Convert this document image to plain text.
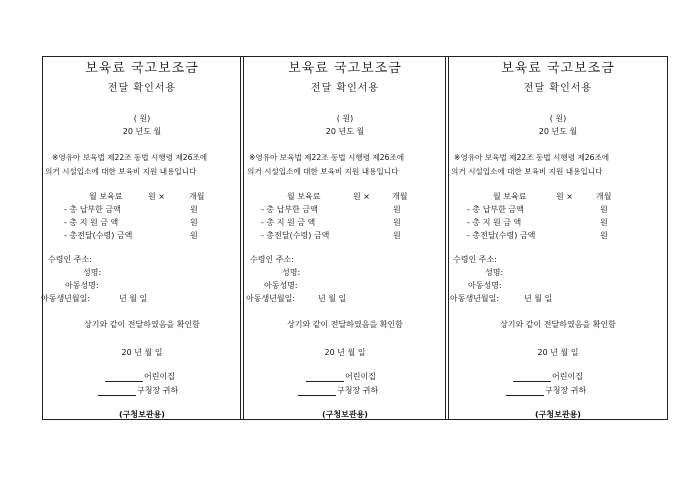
보육료 국고보조금
전달 확인서용
( 원)
20 년도 월
※영유아 보육법 제22조 동법 시행령 제26조에
의거 시설입소에 대한 보육비 지원 내용입니다
월 보육료	원 ×	개월
- 총 납부한 금액	원
- 총 지 원 금 액	원
- 총전달(수령) 금액	원
수령인 주소:
성명:
아동성명:
아동생년월일:	년 월 일
상기와 같이 전달하였음을 확인함
20 년 월 일
어린이집
구청장 귀하
(구청보관용)
보육료 국고보조금
전달 확인서용
( 원)
20 년도 월
※영유아 보육법 제22조 동법 시행령 제26조에
의거 시설입소에 대한 보육비 지원 내용입니다
월 보육료	원 ×	개월
- 총 납부한 금액	원
- 총 지 원 금 액	원
- 총전달(수령) 금액	원
수령인 주소:
성명:
아동성명:
아동생년월일:	년 월 일
상기와 같이 전달하였음을 확인함
20 년 월 일
어린이집
구청장 귀하
(구청보관용)
보육료 국고보조금
전달 확인서용
( 원)
20 년도 월
※영유아 보육법 제22조 동법 시행령 제26조에
의거 시설입소에 대한 보육비 지원 내용입니다
월 보육료	원 ×	개월
- 총 납부한 금액	원
- 총 지 원 금 액	원
- 총전달(수령) 금액	원
수령인 주소:
성명:
아동성명:
아동생년월일:	년 월 일
상기와 같이 전달하였음을 확인함
20 년 월 일
어린이집
구청장 귀하
(구청보관용)
